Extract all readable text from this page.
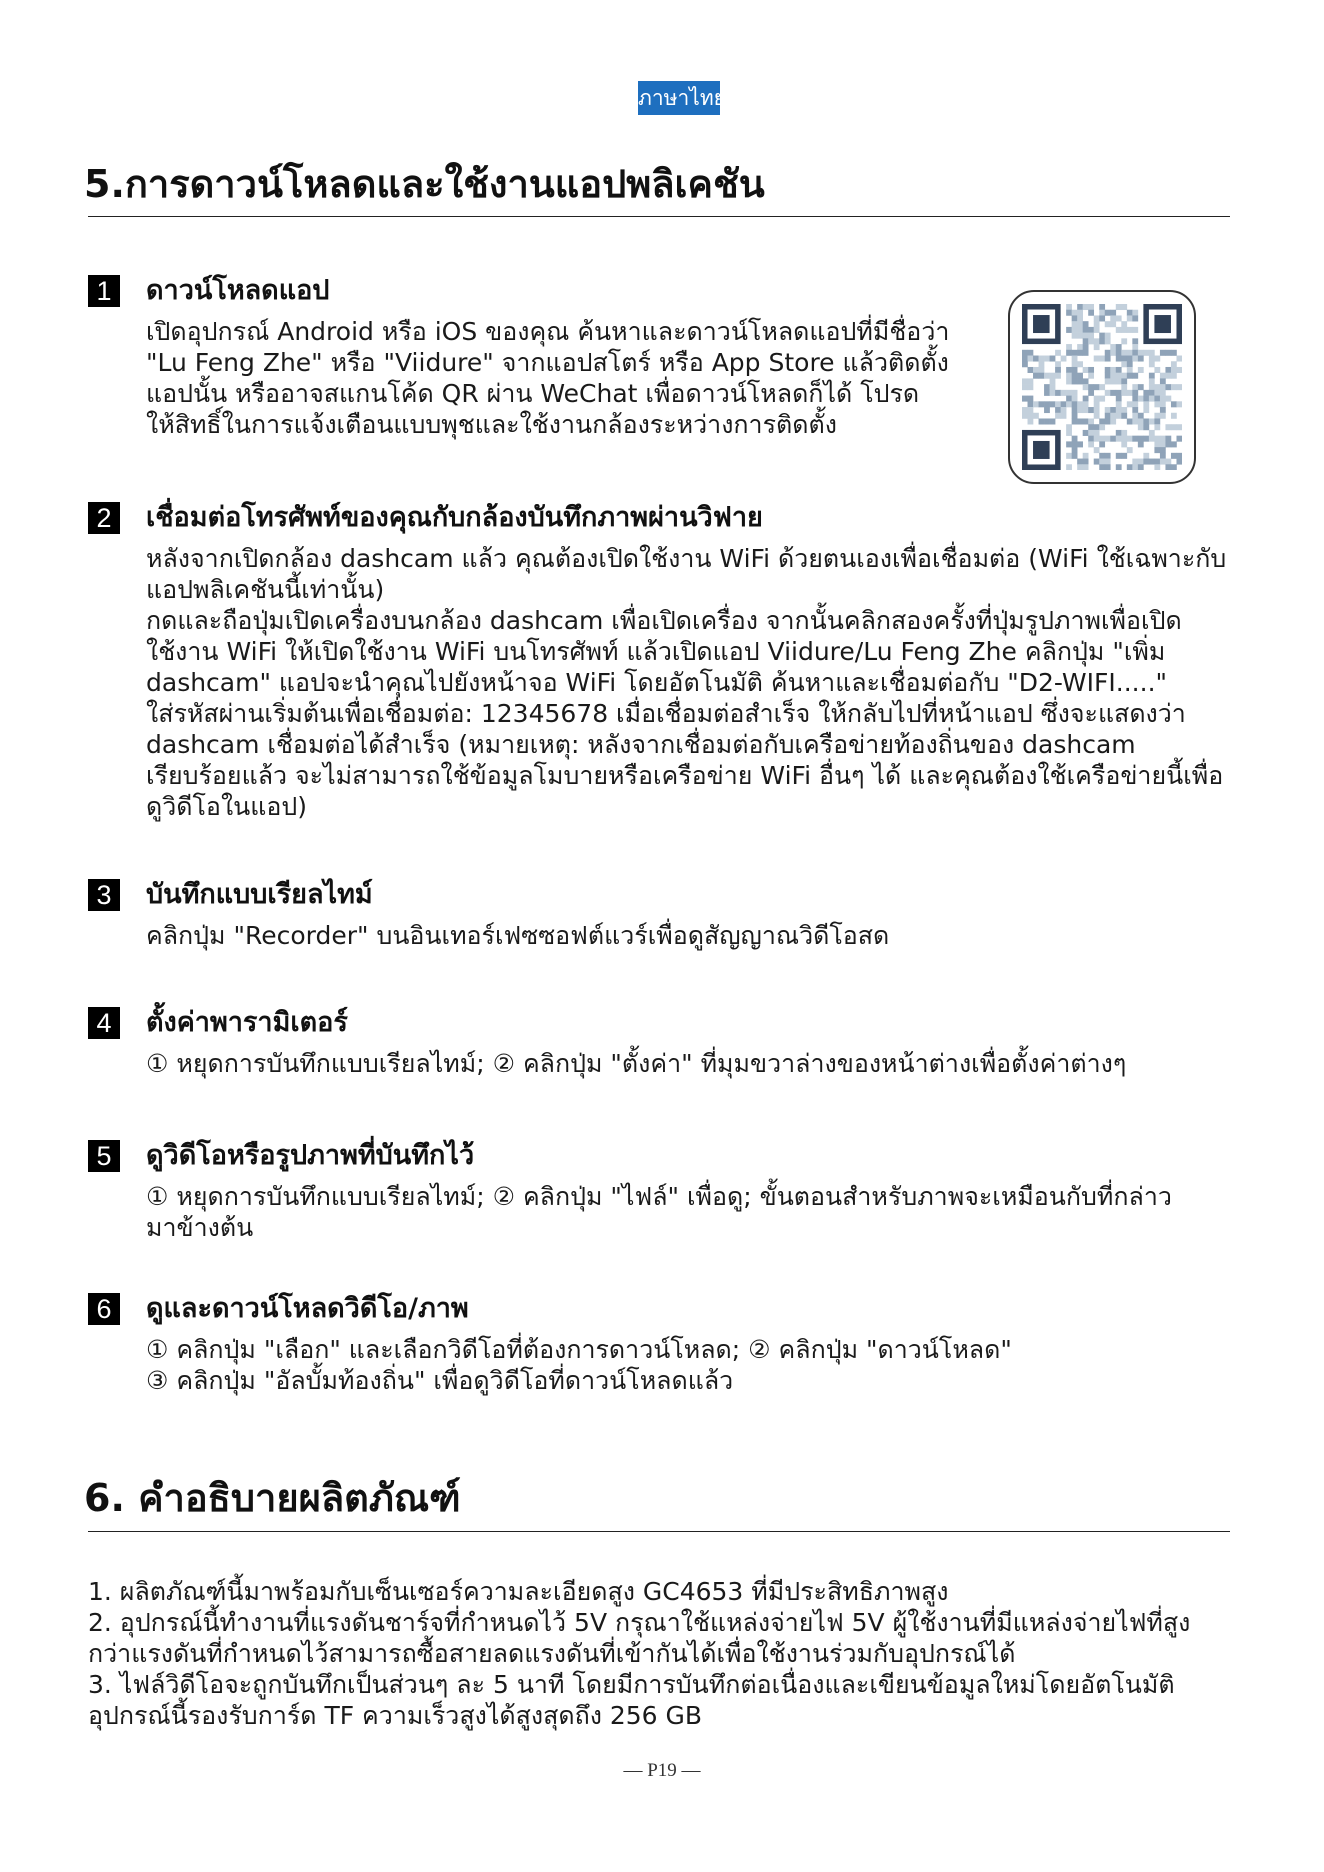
ภาษาไทย
5.การดาวน์โหลดและใช้งานแอปพลิเคชัน
1	ดาวน์โหลดแอป

เปิดอุปกรณ์ Android หรือ iOS ของคุณ ค้นหาและดาวน์โหลดแอปที่มีชื่อว่า

"Lu Feng Zhe" หรือ "Viidure" จากแอปสโตร์ หรือ App Store แล้วติดตั้ง

แอปนั้น หรืออาจสแกนโค้ด QR ผ่าน WeChat เพื่อดาวน์โหลดก็ได้ โปรด

ให้สิทธิ์ในการแจ้งเตือนแบบพุชและใช้งานกล้องระหว่างการติดตั้ง

2	เชื่อมต่อโทรศัพท์ของคุณกับกล้องบันทึกภาพผ่านวิฟาย

หลังจากเปิดกล้อง dashcam แล้ว คุณต้องเปิดใช้งาน WiFi ด้วยตนเองเพื่อเชื่อมต่อ (WiFi ใช้เฉพาะกับ

แอปพลิเคชันนี้เท่านั้น)

กดและถือปุ่มเปิดเครื่องบนกล้อง dashcam เพื่อเปิดเครื่อง จากนั้นคลิกสองครั้งที่ปุ่มรูปภาพเพื่อเปิด

ใช้งาน WiFi ให้เปิดใช้งาน WiFi บนโทรศัพท์ แล้วเปิดแอป Viidure/Lu Feng Zhe คลิกปุ่ม "เพิ่ม

dashcam" แอปจะนำคุณไปยังหน้าจอ WiFi โดยอัตโนมัติ ค้นหาและเชื่อมต่อกับ "D2-WIFI....."

ใส่รหัสผ่านเริ่มต้นเพื่อเชื่อมต่อ: 12345678 เมื่อเชื่อมต่อสำเร็จ ให้กลับไปที่หน้าแอป ซึ่งจะแสดงว่า

dashcam เชื่อมต่อได้สำเร็จ (หมายเหตุ: หลังจากเชื่อมต่อกับเครือข่ายท้องถิ่นของ dashcam

เรียบร้อยแล้ว จะไม่สามารถใช้ข้อมูลโมบายหรือเครือข่าย WiFi อื่นๆ ได้ และคุณต้องใช้เครือข่ายนี้เพื่อ

ดูวิดีโอในแอป)

3	บันทึกแบบเรียลไทม์

คลิกปุ่ม "Recorder" บนอินเทอร์เฟซซอฟต์แวร์เพื่อดูสัญญาณวิดีโอสด

4	ตั้งค่าพารามิเตอร์

① หยุดการบันทึกแบบเรียลไทม์; ② คลิกปุ่ม "ตั้งค่า" ที่มุมขวาล่างของหน้าต่างเพื่อตั้งค่าต่างๆ

5	ดูวิดีโอหรือรูปภาพที่บันทึกไว้

① หยุดการบันทึกแบบเรียลไทม์; ② คลิกปุ่ม "ไฟล์" เพื่อดู; ขั้นตอนสำหรับภาพจะเหมือนกับที่กล่าว

มาข้างต้น

6	ดูและดาวน์โหลดวิดีโอ/ภาพ

① คลิกปุ่ม "เลือก" และเลือกวิดีโอที่ต้องการดาวน์โหลด; ② คลิกปุ่ม "ดาวน์โหลด"

③ คลิกปุ่ม "อัลบั้มท้องถิ่น" เพื่อดูวิดีโอที่ดาวน์โหลดแล้ว

6. คำอธิบายผลิตภัณฑ์

1. ผลิตภัณฑ์นี้มาพร้อมกับเซ็นเซอร์ความละเอียดสูง GC4653 ที่มีประสิทธิภาพสูง

2. อุปกรณ์นี้ทำงานที่แรงดันชาร์จที่กำหนดไว้ 5V กรุณาใช้แหล่งจ่ายไฟ 5V ผู้ใช้งานที่มีแหล่งจ่ายไฟที่สูง

กว่าแรงดันที่กำหนดไว้สามารถซื้อสายลดแรงดันที่เข้ากันได้เพื่อใช้งานร่วมกับอุปกรณ์ได้

3. ไฟล์วิดีโอจะถูกบันทึกเป็นส่วนๆ ละ 5 นาที โดยมีการบันทึกต่อเนื่องและเขียนข้อมูลใหม่โดยอัตโนมัติ

อุปกรณ์นี้รองรับการ์ด TF ความเร็วสูงได้สูงสุดถึง 256 GB

— P19 —
